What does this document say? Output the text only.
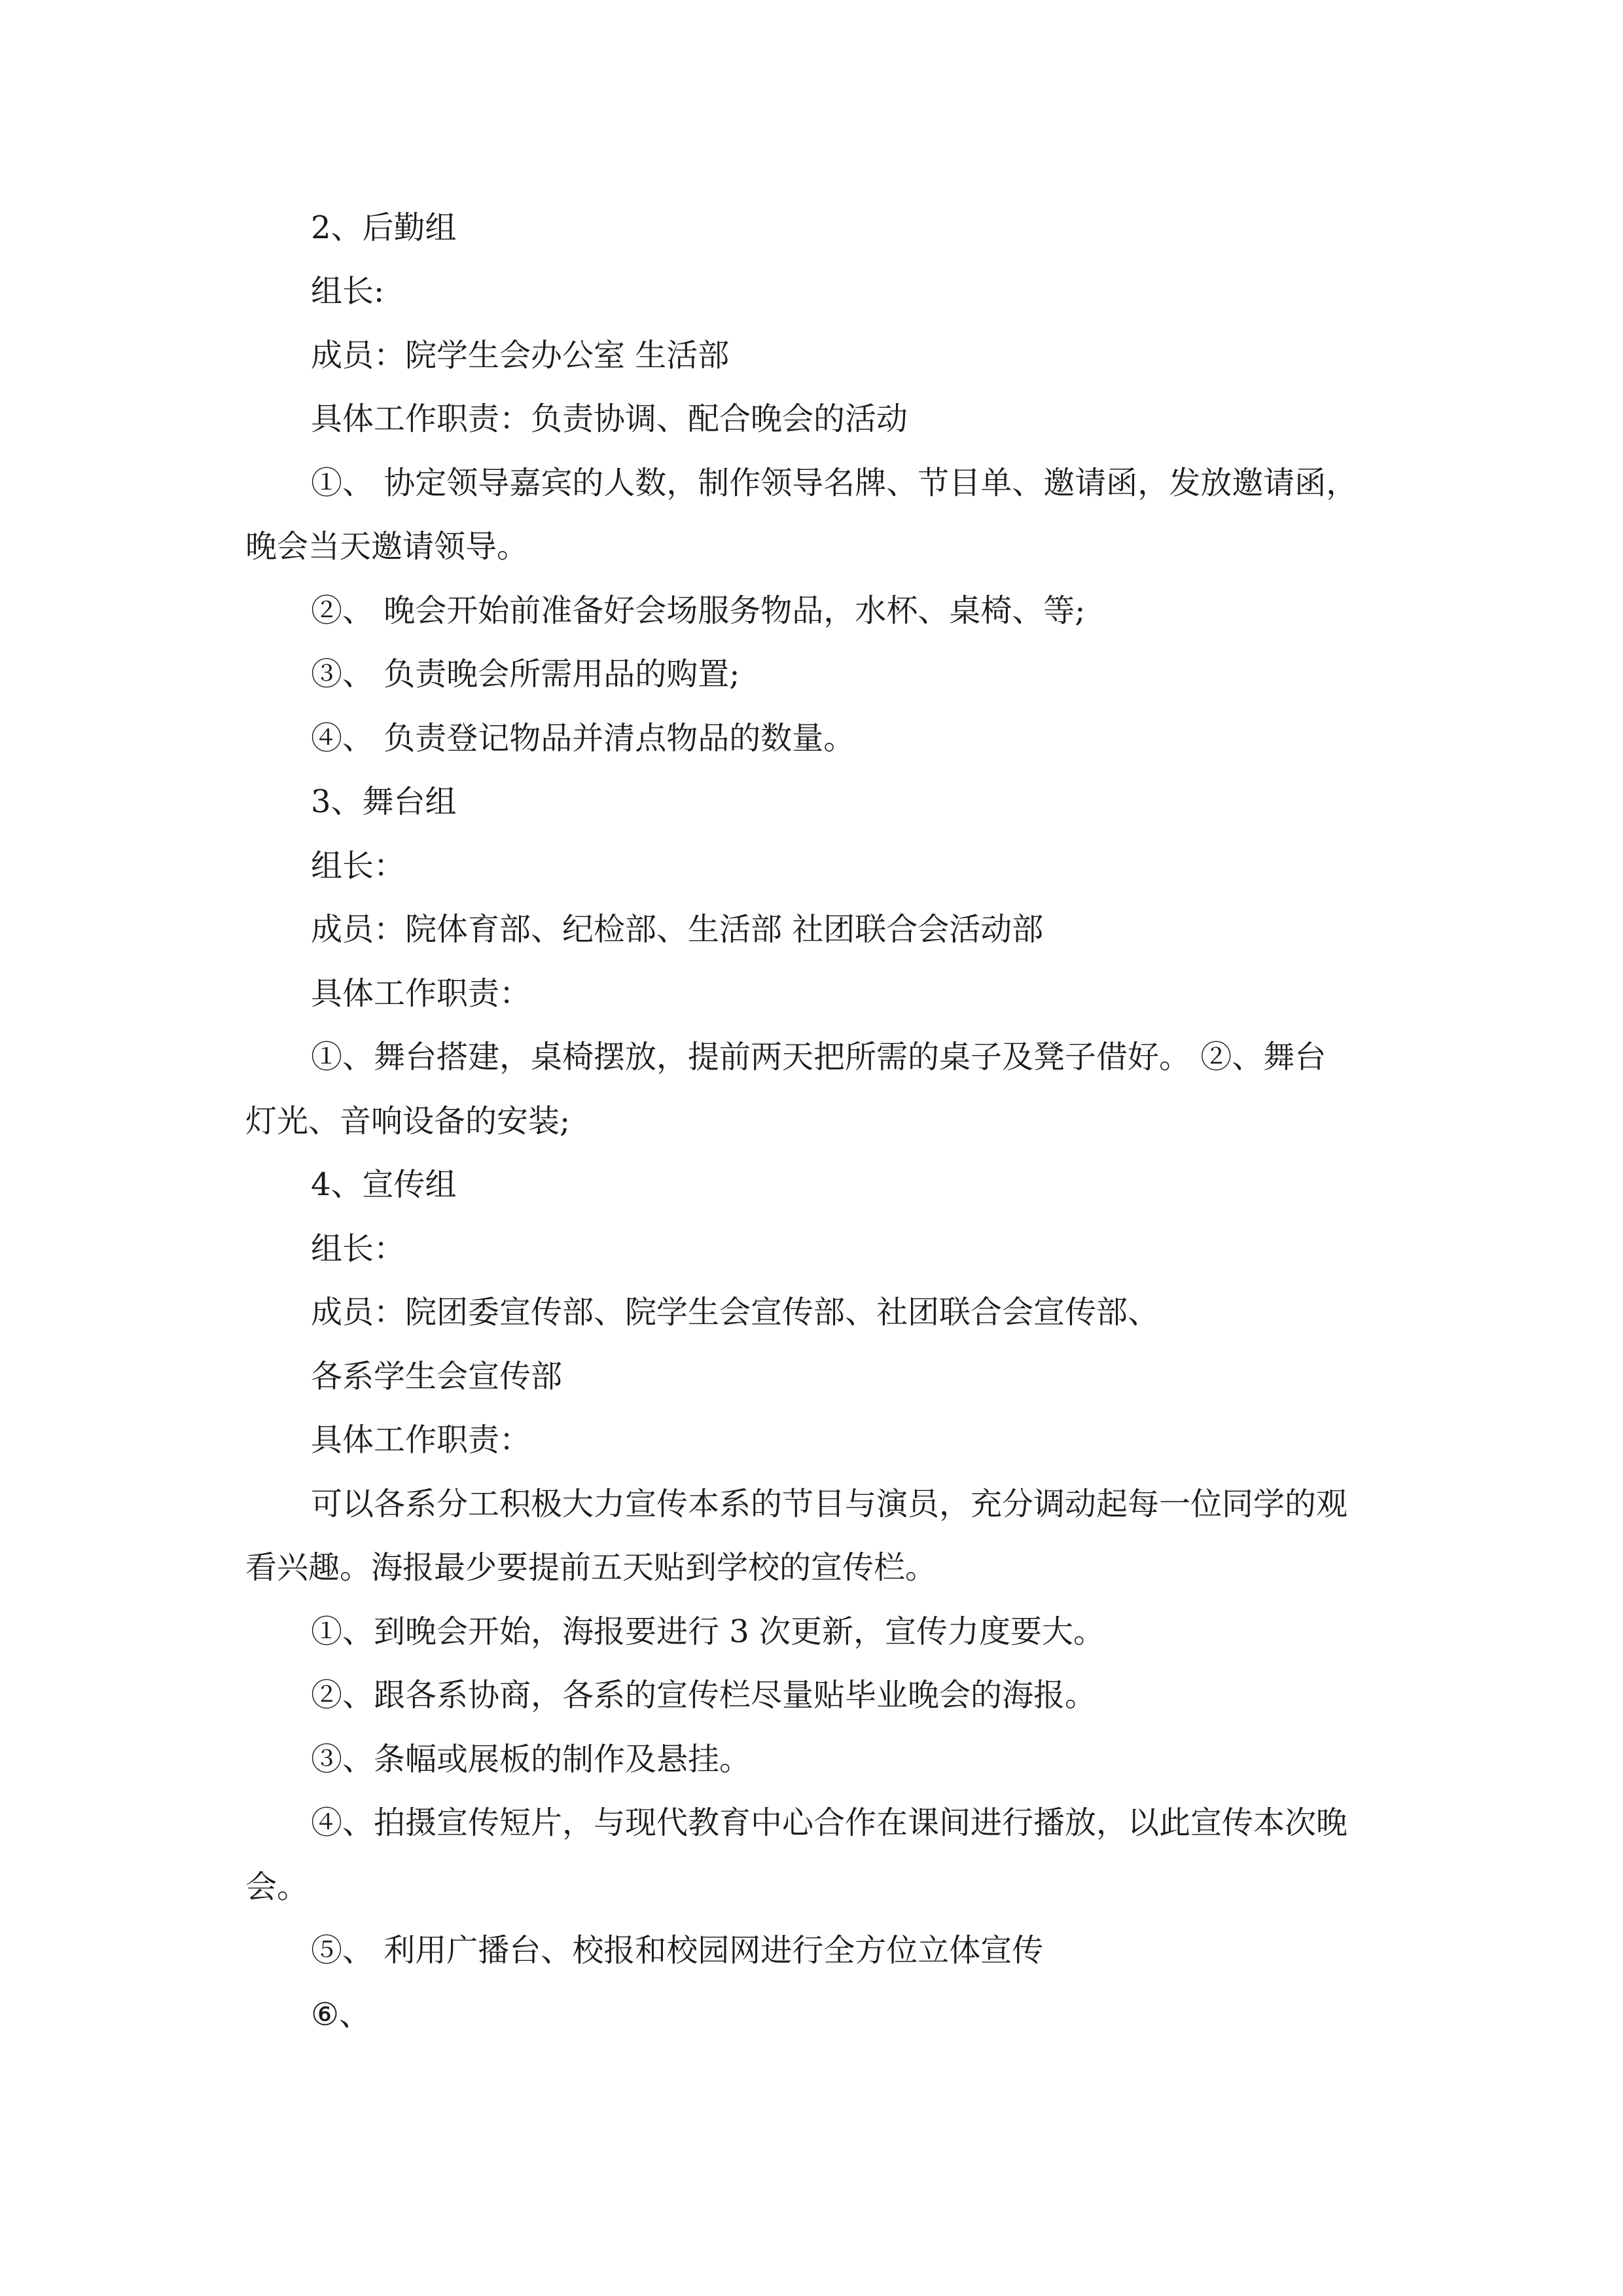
2、后勤组
组长:
成员：院学生会办公室 生活部
具体工作职责：负责协调、配合晚会的活动
①、 协定领导嘉宾的人数，制作领导名牌、节目单、邀请函，发放邀请函，
晚会当天邀请领导。
②、 晚会开始前准备好会场服务物品，水杯、桌椅、等;
③、 负责晚会所需用品的购置;
④、 负责登记物品并清点物品的数量。
3、舞台组
组长：
成员：院体育部、纪检部、生活部 社团联合会活动部
具体工作职责：
①、舞台搭建，桌椅摆放，提前两天把所需的桌子及凳子借好。 ②、舞台
灯光、音响设备的安装;
4、宣传组
组长：
成员：院团委宣传部、院学生会宣传部、社团联合会宣传部、
各系学生会宣传部
具体工作职责：
可以各系分工积极大力宣传本系的节目与演员，充分调动起每一位同学的观
看兴趣。海报最少要提前五天贴到学校的宣传栏。
①、到晚会开始，海报要进行 3 次更新，宣传力度要大。
②、跟各系协商，各系的宣传栏尽量贴毕业晚会的海报。
③、条幅或展板的制作及悬挂。
④、拍摄宣传短片，与现代教育中心合作在课间进行播放，以此宣传本次晚
会。
⑤、 利用广播台、校报和校园网进行全方位立体宣传
⑥、
